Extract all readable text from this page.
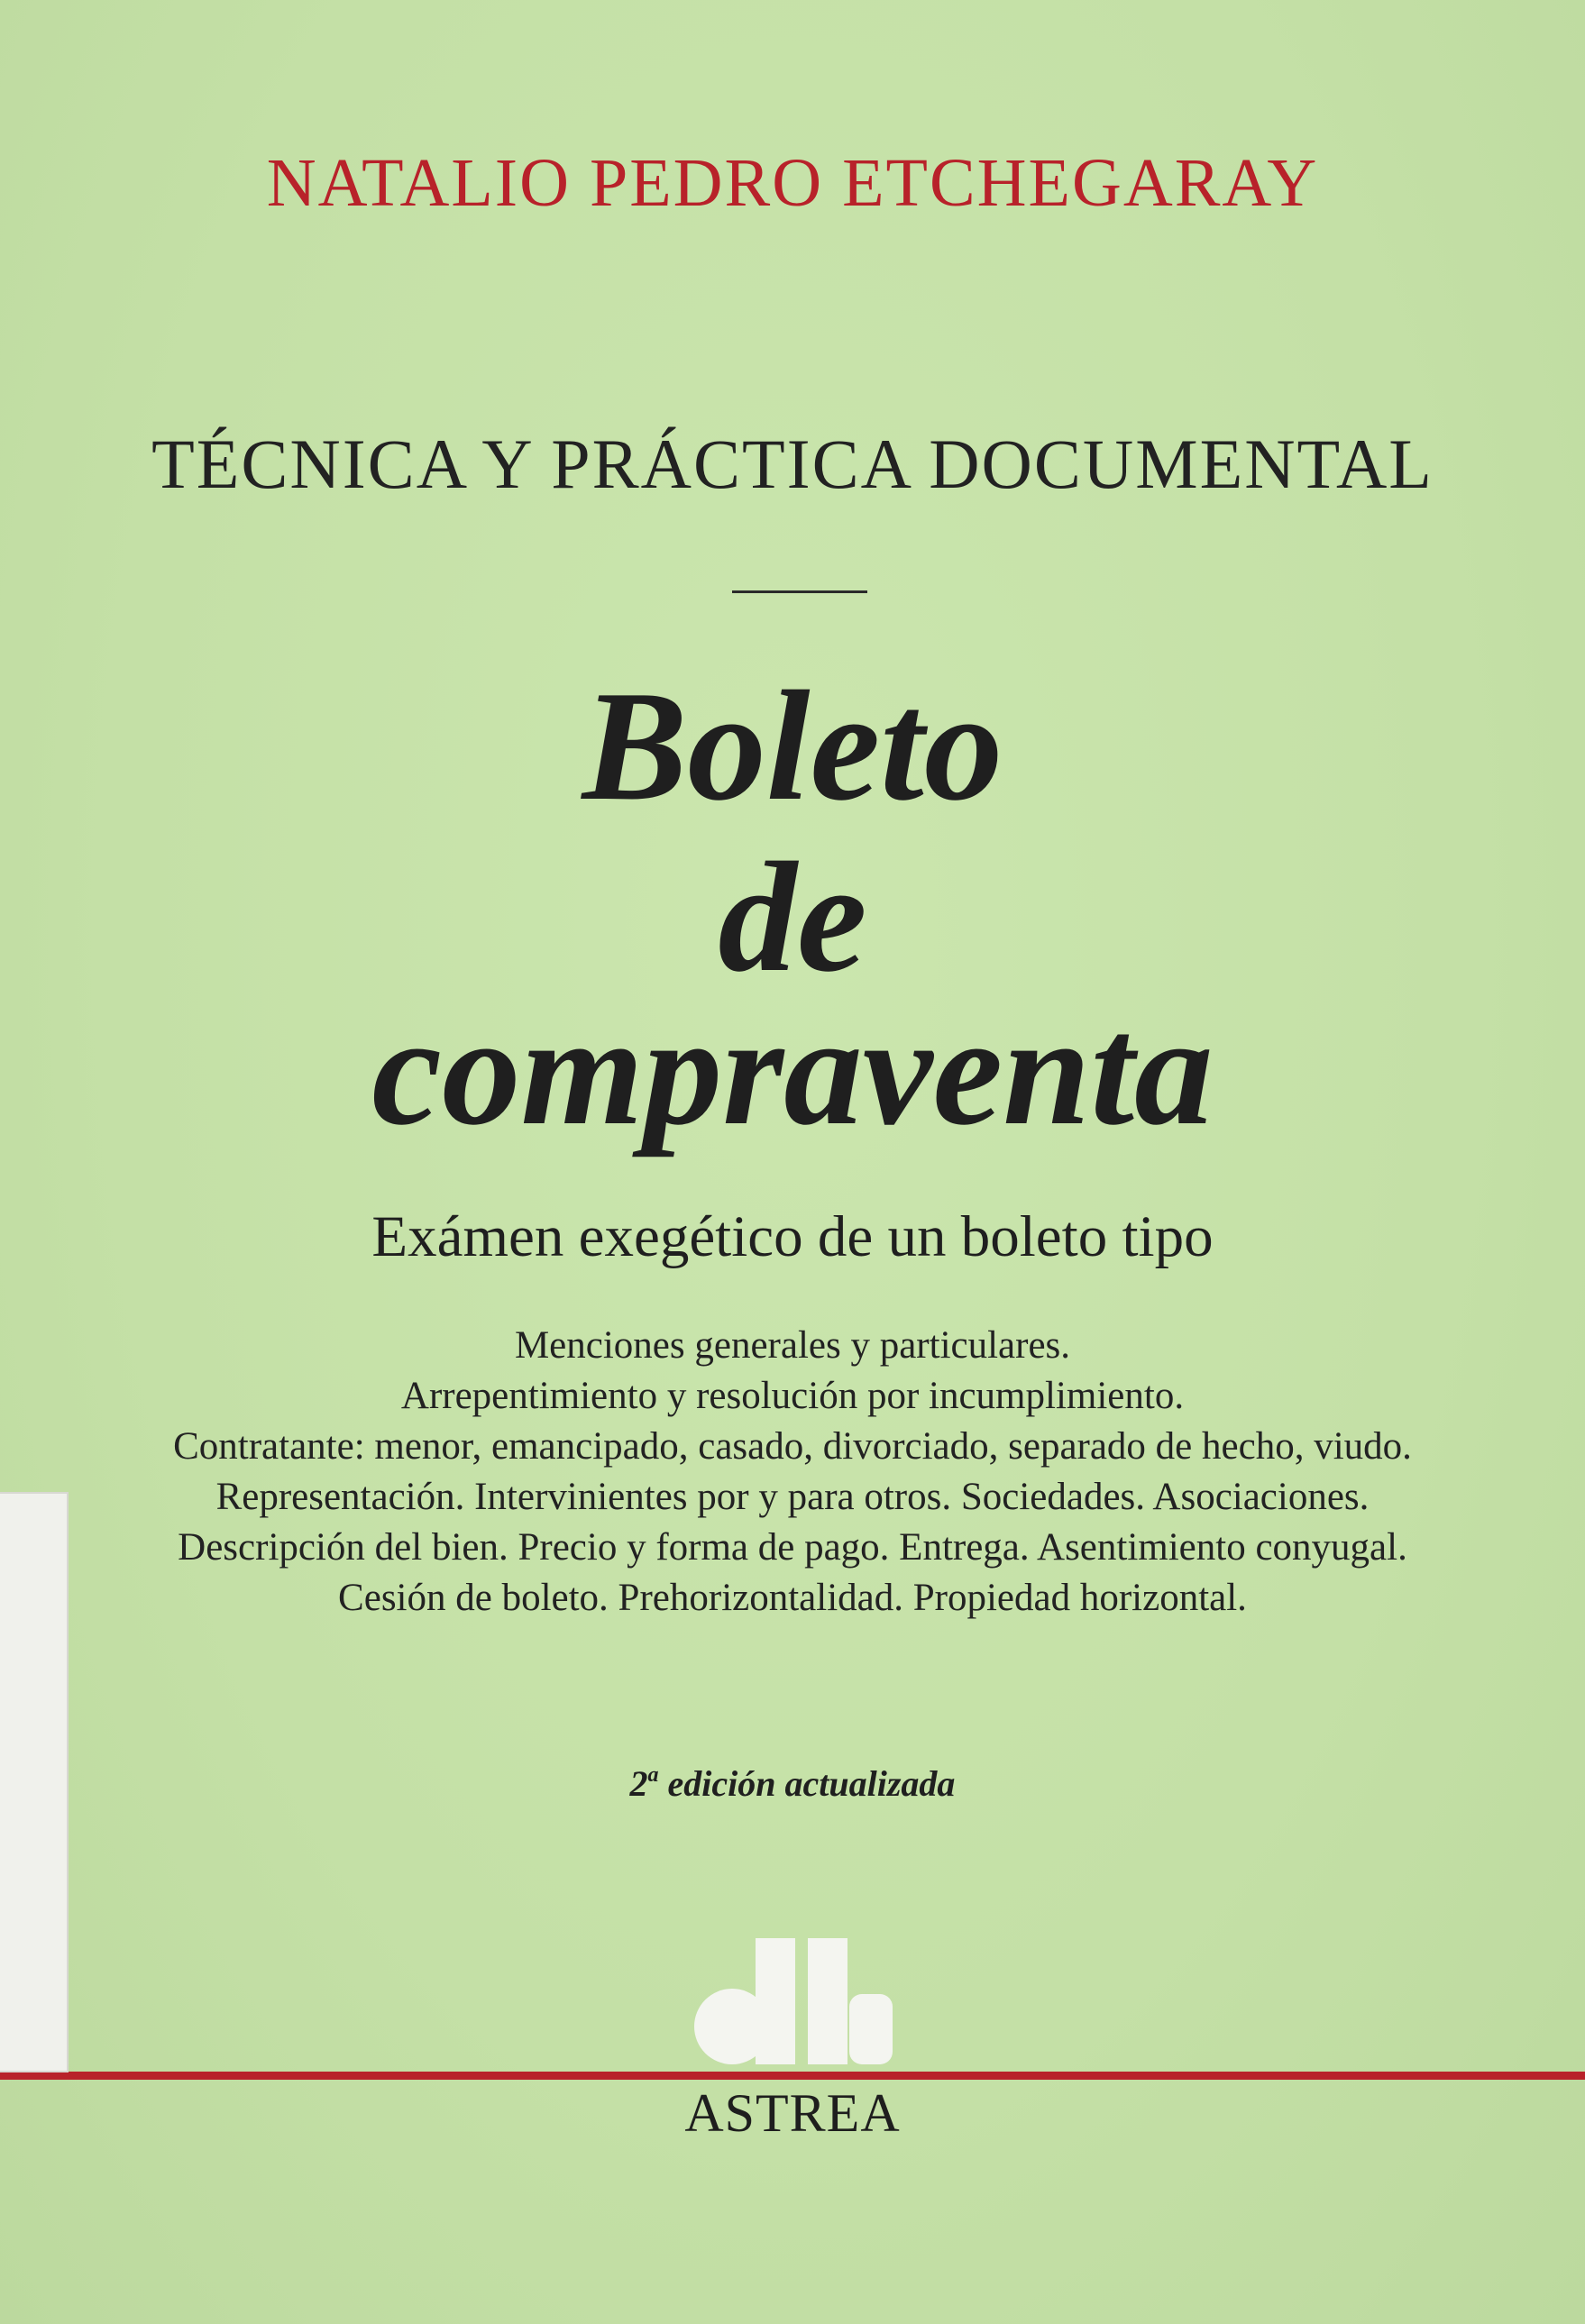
NATALIO PEDRO ETCHEGARAY
TÉCNICA Y PRÁCTICA DOCUMENTAL
Boleto
de
compraventa
Exámen exegético de un boleto tipo
Menciones generales y particulares.
Arrepentimiento y resolución por incumplimiento.
Contratante: menor, emancipado, casado, divorciado, separado de hecho, viudo.
Representación. Intervinientes por y para otros. Sociedades. Asociaciones.
Descripción del bien. Precio y forma de pago. Entrega. Asentimiento conyugal.
Cesión de boleto. Prehorizontalidad. Propiedad horizontal.
2$^a$ edición actualizada
ASTREA
